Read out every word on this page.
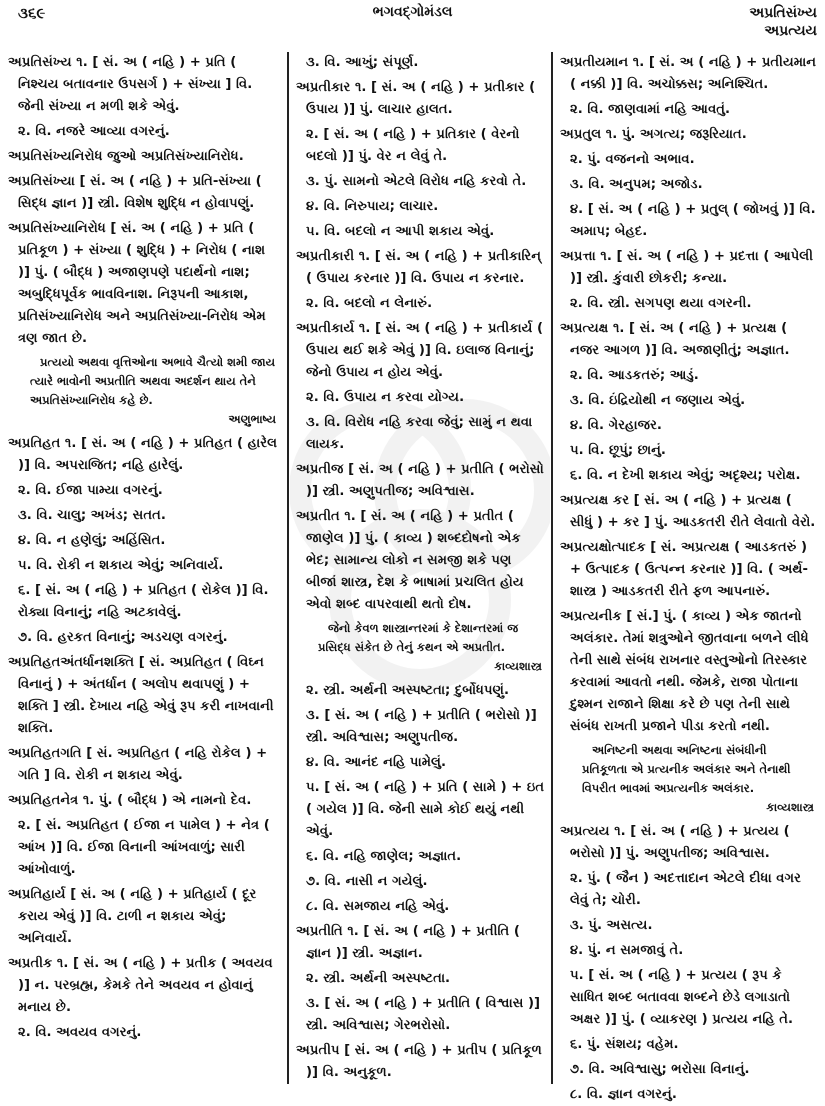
૩૬૯	ભગવદ્ગોમંડલ	અપ્રતિસંખ્ય
અપ્રત્યય
અપ્રતિસંખ્ય ૧. [ સં. અ ( નહિ ) + પ્રતિ ( નિશ્ચય બતાવનાર ઉપસર્ગ ) + સંખ્યા ] વિ. જેની સંખ્યા ન મળી શકે એવું.
૨. વિ. નજરે આવ્યા વગરનું.
અપ્રતિસંખ્યનિરોધ જુઓ અપ્રતિસંખ્યાનિરોધ.
અપ્રતિસંખ્યા [ સં. અ ( નહિ ) + પ્રતિ-સંખ્યા ( સિદ્ધ જ્ઞાન )] સ્ત્રી. વિશેષ શુદ્ધિ ન હોવાપણું.
અપ્રતિસંખ્યાનિરોધ [ સં. અ ( નહિ ) + પ્રતિ ( પ્રતિકૂળ ) + સંખ્યા ( શુદ્ધિ ) + નિરોધ ( નાશ )] પું. ( બૌદ્ધ ) અજાણપણે પદાર્થનો નાશ; અબુદ્ધિપૂર્વક ભાવવિનાશ. નિરૂપની આકાશ, પ્રતિસંખ્યાનિરોધ અને અપ્રતિસંખ્યા-નિરોધ એમ ત્રણ જાત છે.
પ્રત્યયો અથવા વૃત્તિઓના અભાવે ચૈત્યો શમી જાય ત્યારે ભાવોની અપ્રતીતિ અથવા અદર્શન થાય તેને અપ્રતિસંખ્યાનિરોધ કહે છે.
અણુભાષ્ય
અપ્રતિહત ૧. [ સં. અ ( નહિ ) + પ્રતિહત ( હારેલ )] વિ. અપરાજિત; નહિ હારેલું.
૨. વિ. ઈજા પામ્યા વગરનું.
૩. વિ. ચાલુ; અખંડ; સતત.
૪. વિ. ન હણેલું; અહિંસિત.
૫. વિ. રોકી ન શકાય એવું; અનિવાર્ય.
૬. [ સં. અ ( નહિ ) + પ્રતિહત ( રોકેલ )] વિ. રોક્યા વિનાનું; નહિ અટકાવેલું.
૭. વિ. હરકત વિનાનું; અડચણ વગરનું.
અપ્રતિહતઅંતર્ધાનશક્તિ [ સં. અપ્રતિહત ( વિઘ્ન વિનાનું ) + અંતર્ધાન ( અલોપ થવાપણું ) + શક્તિ ] સ્ત્રી. દેખાય નહિ એવું રૂપ કરી નાખવાની શક્તિ.
અપ્રતિહતગતિ [ સં. અપ્રતિહત ( નહિ રોકેલ ) + ગતિ ] વિ. રોકી ન શકાય એવું.
અપ્રતિહતનેત્ર ૧. પું. ( બૌદ્ધ ) એ નામનો દેવ.
૨. [ સં. અપ્રતિહત ( ઈજા ન પામેલ ) + નેત્ર ( આંખ )] વિ. ઈજા વિનાની આંખવાળું; સારી આંખોવાળું.
અપ્રતિહાર્ય [ સં. અ ( નહિ ) + પ્રતિહાર્ય ( દૂર કરાય એવું )] વિ. ટાળી ન શકાય એવું; અનિવાર્ય.
અપ્રતીક ૧. [ સં. અ ( નહિ ) + પ્રતીક ( અવયવ )] ન. પરબ્રહ્મ, કેમકે તેને અવયવ ન હોવાનું મનાય છે.
૨. વિ. અવયવ વગરનું.
૩. વિ. આખું; સંપૂર્ણ.
અપ્રતીકાર ૧. [ સં. અ ( નહિ ) + પ્રતીકાર ( ઉપાય )] પું. લાચાર હાલત.
૨. [ સં. અ ( નહિ ) + પ્રતિકાર ( વેરનો બદલો )] પું. વેર ન લેવું તે.
૩. પું. સામનો એટલે વિરોધ નહિ કરવો તે.
૪. વિ. નિરુપાય; લાચાર.
૫. વિ. બદલો ન આપી શકાય એવું.
અપ્રતીકારી ૧. [ સં. અ ( નહિ ) + પ્રતીકારિન્ ( ઉપાય કરનાર )] વિ. ઉપાય ન કરનાર.
૨. વિ. બદલો ન લેનારું.
અપ્રતીકાર્ય ૧. [ સં. અ ( નહિ ) + પ્રતીકાર્ય ( ઉપાય થઈ શકે એવું )] વિ. ઇલાજ વિનાનું; જેનો ઉપાય ન હોય એવું.
૨. વિ. ઉપાય ન કરવા યોગ્ય.
૩. વિ. વિરોધ નહિ કરવા જેવું; સામું ન થવા લાયક.
અપ્રતીજ [ સં. અ ( નહિ ) + પ્રતીતિ ( ભરોસો )] સ્ત્રી. અણુપતીજ; અવિશ્વાસ.
અપ્રતીત ૧. [ સં. અ ( નહિ ) + પ્રતીત ( જાણેલ )] પું. ( કાવ્ય ) શબ્દદોષનો એક ભેદ; સામાન્ય લોકો ન સમજી શકે પણ બીજાં શાસ્ત્ર, દેશ કે ભાષામાં પ્રચલિત હોય એવો શબ્દ વાપરવાથી થતો દોષ.
જેનો કેવળ શાસ્ત્રાન્તરમાં કે દેશાન્તરમાં જ પ્રસિદ્ધ સંકેત છે તેનું કથન એ અપ્રતીત.
કાવ્યશાસ્ત્ર
૨. સ્ત્રી. અર્થની અસ્પષ્ટતા; દુર્બોધપણું.
૩. [ સં. અ ( નહિ ) + પ્રતીતિ ( ભરોસો )] સ્ત્રી. અવિશ્વાસ; અણુપતીજ.
૪. વિ. આનંદ નહિ પામેલું.
૫. [ સં. અ ( નહિ ) + પ્રતિ ( સામે ) + ઇત ( ગયેલ )] વિ. જેની સામે કોઈ થયું નથી એવું.
૬. વિ. નહિ જાણેલ; અજ્ઞાત.
૭. વિ. નાસી ન ગયેલું.
૮. વિ. સમજાય નહિ એવું.
અપ્રતીતિ ૧. [ સં. અ ( નહિ ) + પ્રતીતિ ( જ્ઞાન )] સ્ત્રી. અજ્ઞાન.
૨. સ્ત્રી. અર્થની અસ્પષ્ટતા.
૩. [ સં. અ ( નહિ ) + પ્રતીતિ ( વિશ્વાસ )] સ્ત્રી. અવિશ્વાસ; ગેરભરોસો.
અપ્રતીપ [ સં. અ ( નહિ ) + પ્રતીપ ( પ્રતિકૂળ )] વિ. અનુકૂળ.
અપ્રતીયમાન ૧. [ સં. અ ( નહિ ) + પ્રતીયમાન ( નક્કી )] વિ. અચોક્કસ; અનિશ્ચિત.
૨. વિ. જાણવામાં નહિ આવતું.
અપ્રતુલ ૧. પું. અગત્ય; જરૂરિયાત.
૨. પું. વજનનો અભાવ.
૩. વિ. અનુપમ; અજોડ.
૪. [ સં. અ ( નહિ ) + પ્રતુલ્ ( જોખવું )] વિ. અમાપ; બેહદ.
અપ્રત્તા ૧. [ સં. અ ( નહિ ) + પ્રદત્તા ( આપેલી )] સ્ત્રી. કુંવારી છોકરી; કન્યા.
૨. વિ. સ્ત્રી. સગપણ થયા વગરની.
અપ્રત્યક્ષ ૧. [ સં. અ ( નહિ ) + પ્રત્યક્ષ ( નજર આગળ )] વિ. અજાણીતું; અજ્ઞાત.
૨. વિ. આડકતરું; આડું.
૩. વિ. ઇંદ્રિયોથી ન જણાય એવું.
૪. વિ. ગેરહાજર.
૫. વિ. છૂપું; છાનું.
૬. વિ. ન દેખી શકાય એવું; અદૃશ્ય; પરોક્ષ.
અપ્રત્યક્ષ કર [ સં. અ ( નહિ ) + પ્રત્યક્ષ ( સીધું ) + કર ] પું. આડકતરી રીતે લેવાતો વેરો.
અપ્રત્યક્ષોત્પાદક [ સં. અપ્રત્યક્ષ ( આડકતરું ) + ઉત્પાદક ( ઉત્પન્ન કરનાર )] વિ. ( અર્થ-શાસ્ત્ર ) આડકતરી રીતે ફળ આપનારું.
અપ્રત્યનીક [ સં.] પું. ( કાવ્ય ) એક જાતનો અલંકાર. તેમાં શત્રુઓને જીતવાના બળને લીધે તેની સાથે સંબંધ રાખનાર વસ્તુઓનો તિરસ્કાર કરવામાં આવતો નથી. જેમકે, રાજા પોતાના દુશ્મન રાજાને શિક્ષા કરે છે પણ તેની સાથે સંબંધ રાખતી પ્રજાને પીડા કરતો નથી.
અનિષ્ટની અથવા અનિષ્ટના સંબંધીની પ્રતિકૂળતા એ પ્રત્યનીક અલંકાર અને તેનાથી વિપરીત ભાવમાં અપ્રત્યનીક અલંકાર.
કાવ્યશાસ્ત્ર
અપ્રત્યય ૧. [ સં. અ ( નહિ ) + પ્રત્યય ( ભરોસો )] પું. અણુપતીજ; અવિશ્વાસ.
૨. પું. ( જૈન ) અદત્તાદાન એટલે દીધા વગર લેવું તે; ચોરી.
૩. પું. અસત્ય.
૪. પું. ન સમજાવું તે.
૫. [ સં. અ ( નહિ ) + પ્રત્યય ( રૂપ કે સાધિત શબ્દ બતાવવા શબ્દને છેડે લગાડાતો અક્ષર )] પું. ( વ્યાકરણ ) પ્રત્યય નહિ તે.
૬. પું. સંશય; વહેમ.
૭. વિ. અવિશ્વાસુ; ભરોસા વિનાનું.
૮. વિ. જ્ઞાન વગરનું.
